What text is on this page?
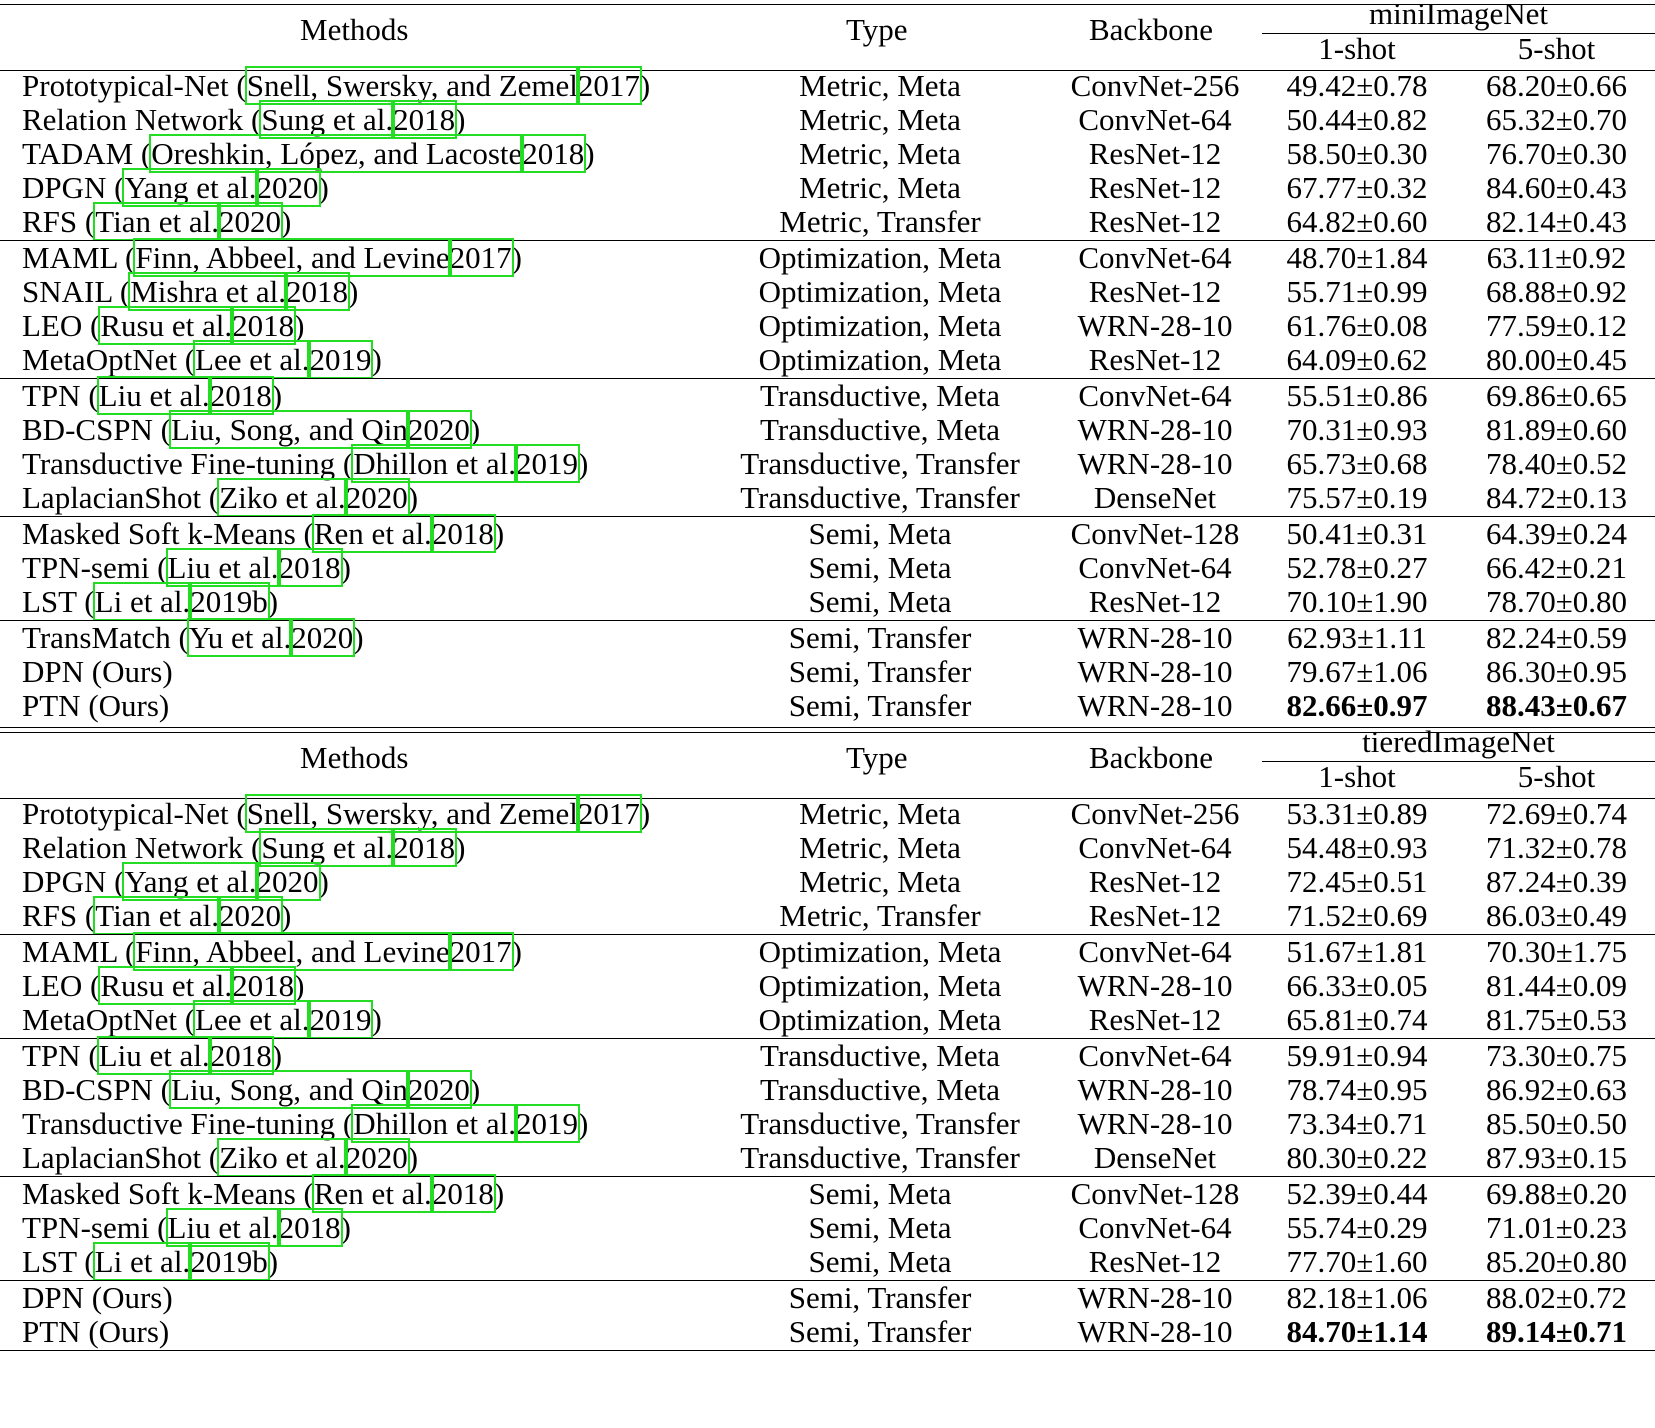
Methods	Type	Backbone	miniImageNet
1-shot	5-shot
Prototypical-Net (Snell, Swersky, and Zemel2017)	Metric, Meta	ConvNet-256	49.42±0.78	68.20±0.66
Relation Network (Sung et al.2018)	Metric, Meta	ConvNet-64	50.44±0.82	65.32±0.70
TADAM (Oreshkin, López, and Lacoste2018)	Metric, Meta	ResNet-12	58.50±0.30	76.70±0.30
DPGN (Yang et al.2020)	Metric, Meta	ResNet-12	67.77±0.32	84.60±0.43
RFS (Tian et al.2020)	Metric, Transfer	ResNet-12	64.82±0.60	82.14±0.43
MAML (Finn, Abbeel, and Levine2017)	Optimization, Meta	ConvNet-64	48.70±1.84	63.11±0.92
SNAIL (Mishra et al.2018)	Optimization, Meta	ResNet-12	55.71±0.99	68.88±0.92
LEO (Rusu et al.2018)	Optimization, Meta	WRN-28-10	61.76±0.08	77.59±0.12
MetaOptNet (Lee et al.2019)	Optimization, Meta	ResNet-12	64.09±0.62	80.00±0.45
TPN (Liu et al.2018)	Transductive, Meta	ConvNet-64	55.51±0.86	69.86±0.65
BD-CSPN (Liu, Song, and Qin2020)	Transductive, Meta	WRN-28-10	70.31±0.93	81.89±0.60
Transductive Fine-tuning (Dhillon et al.2019)	Transductive, Transfer	WRN-28-10	65.73±0.68	78.40±0.52
LaplacianShot (Ziko et al.2020)	Transductive, Transfer	DenseNet	75.57±0.19	84.72±0.13
Masked Soft k-Means (Ren et al.2018)	Semi, Meta	ConvNet-128	50.41±0.31	64.39±0.24
TPN-semi (Liu et al.2018)	Semi, Meta	ConvNet-64	52.78±0.27	66.42±0.21
LST (Li et al.2019b)	Semi, Meta	ResNet-12	70.10±1.90	78.70±0.80
TransMatch (Yu et al.2020)	Semi, Transfer	WRN-28-10	62.93±1.11	82.24±0.59
DPN (Ours)	Semi, Transfer	WRN-28-10	79.67±1.06	86.30±0.95
PTN (Ours)	Semi, Transfer	WRN-28-10	82.66±0.97	88.43±0.67
Methods	Type	Backbone	tieredImageNet
1-shot	5-shot
Prototypical-Net (Snell, Swersky, and Zemel2017)	Metric, Meta	ConvNet-256	53.31±0.89	72.69±0.74
Relation Network (Sung et al.2018)	Metric, Meta	ConvNet-64	54.48±0.93	71.32±0.78
DPGN (Yang et al.2020)	Metric, Meta	ResNet-12	72.45±0.51	87.24±0.39
RFS (Tian et al.2020)	Metric, Transfer	ResNet-12	71.52±0.69	86.03±0.49
MAML (Finn, Abbeel, and Levine2017)	Optimization, Meta	ConvNet-64	51.67±1.81	70.30±1.75
LEO (Rusu et al.2018)	Optimization, Meta	WRN-28-10	66.33±0.05	81.44±0.09
MetaOptNet (Lee et al.2019)	Optimization, Meta	ResNet-12	65.81±0.74	81.75±0.53
TPN (Liu et al.2018)	Transductive, Meta	ConvNet-64	59.91±0.94	73.30±0.75
BD-CSPN (Liu, Song, and Qin2020)	Transductive, Meta	WRN-28-10	78.74±0.95	86.92±0.63
Transductive Fine-tuning (Dhillon et al.2019)	Transductive, Transfer	WRN-28-10	73.34±0.71	85.50±0.50
LaplacianShot (Ziko et al.2020)	Transductive, Transfer	DenseNet	80.30±0.22	87.93±0.15
Masked Soft k-Means (Ren et al.2018)	Semi, Meta	ConvNet-128	52.39±0.44	69.88±0.20
TPN-semi (Liu et al.2018)	Semi, Meta	ConvNet-64	55.74±0.29	71.01±0.23
LST (Li et al.2019b)	Semi, Meta	ResNet-12	77.70±1.60	85.20±0.80
DPN (Ours)	Semi, Transfer	WRN-28-10	82.18±1.06	88.02±0.72
PTN (Ours)	Semi, Transfer	WRN-28-10	84.70±1.14	89.14±0.71
